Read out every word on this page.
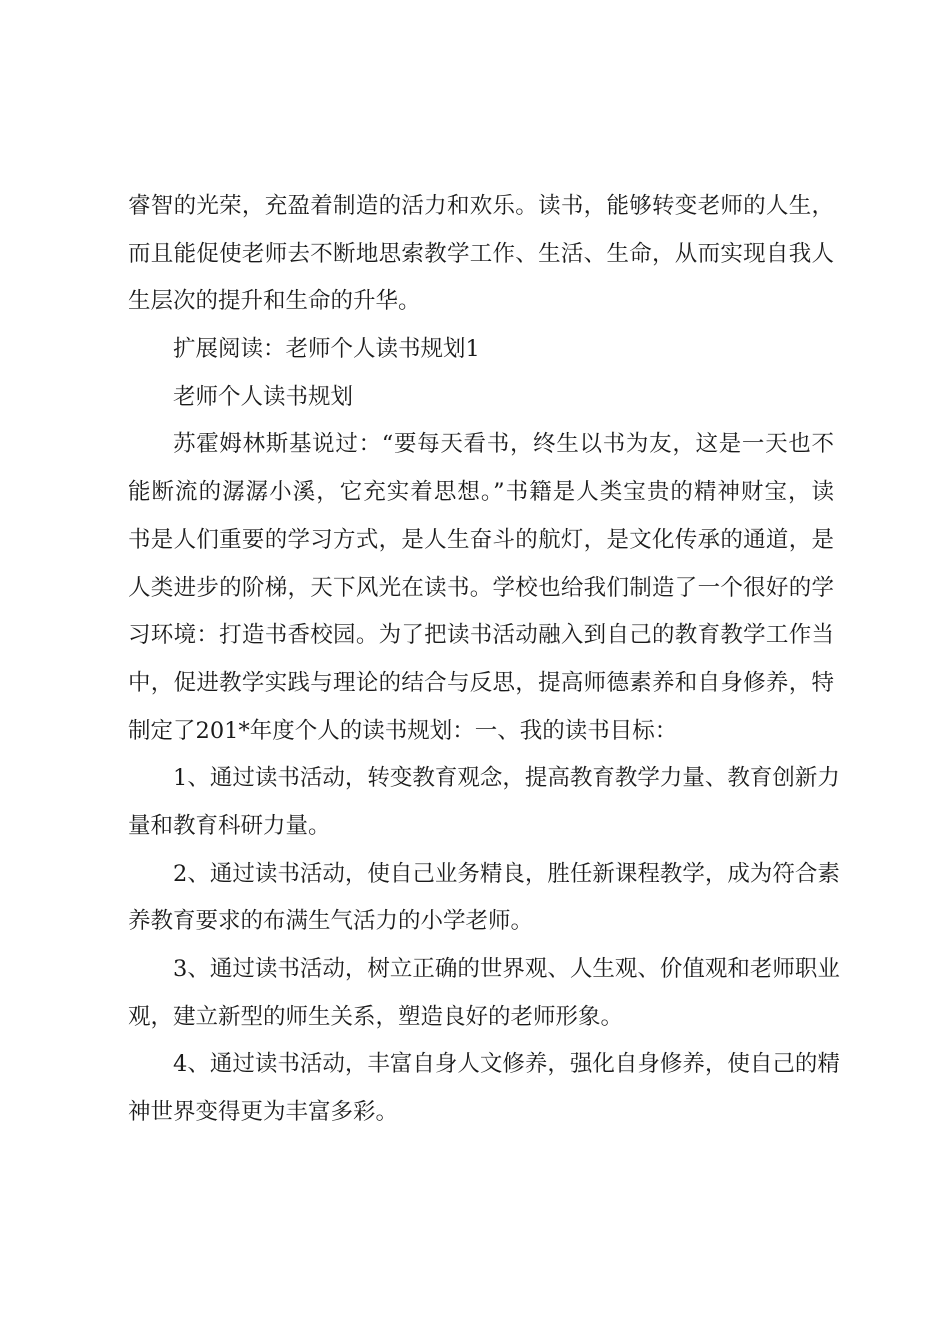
睿智的光荣，充盈着制造的活力和欢乐。读书，能够转变老师的人生，
而且能促使老师去不断地思索教学工作、生活、生命，从而实现自我人
生层次的提升和生命的升华。
扩展阅读：老师个人读书规划1
老师个人读书规划
苏霍姆林斯基说过：“要每天看书，终生以书为友，这是一天也不
能断流的潺潺小溪，它充实着思想。”书籍是人类宝贵的精神财宝，读
书是人们重要的学习方式，是人生奋斗的航灯，是文化传承的通道，是
人类进步的阶梯，天下风光在读书。学校也给我们制造了一个很好的学
习环境：打造书香校园。为了把读书活动融入到自己的教育教学工作当
中，促进教学实践与理论的结合与反思，提高师德素养和自身修养，特
制定了201*年度个人的读书规划：一、我的读书目标：
1、通过读书活动，转变教育观念，提高教育教学力量、教育创新力
量和教育科研力量。
2、通过读书活动，使自己业务精良，胜任新课程教学，成为符合素
养教育要求的布满生气活力的小学老师。
3、通过读书活动，树立正确的世界观、人生观、价值观和老师职业
观，建立新型的师生关系，塑造良好的老师形象。
4、通过读书活动，丰富自身人文修养，强化自身修养，使自己的精
神世界变得更为丰富多彩。
